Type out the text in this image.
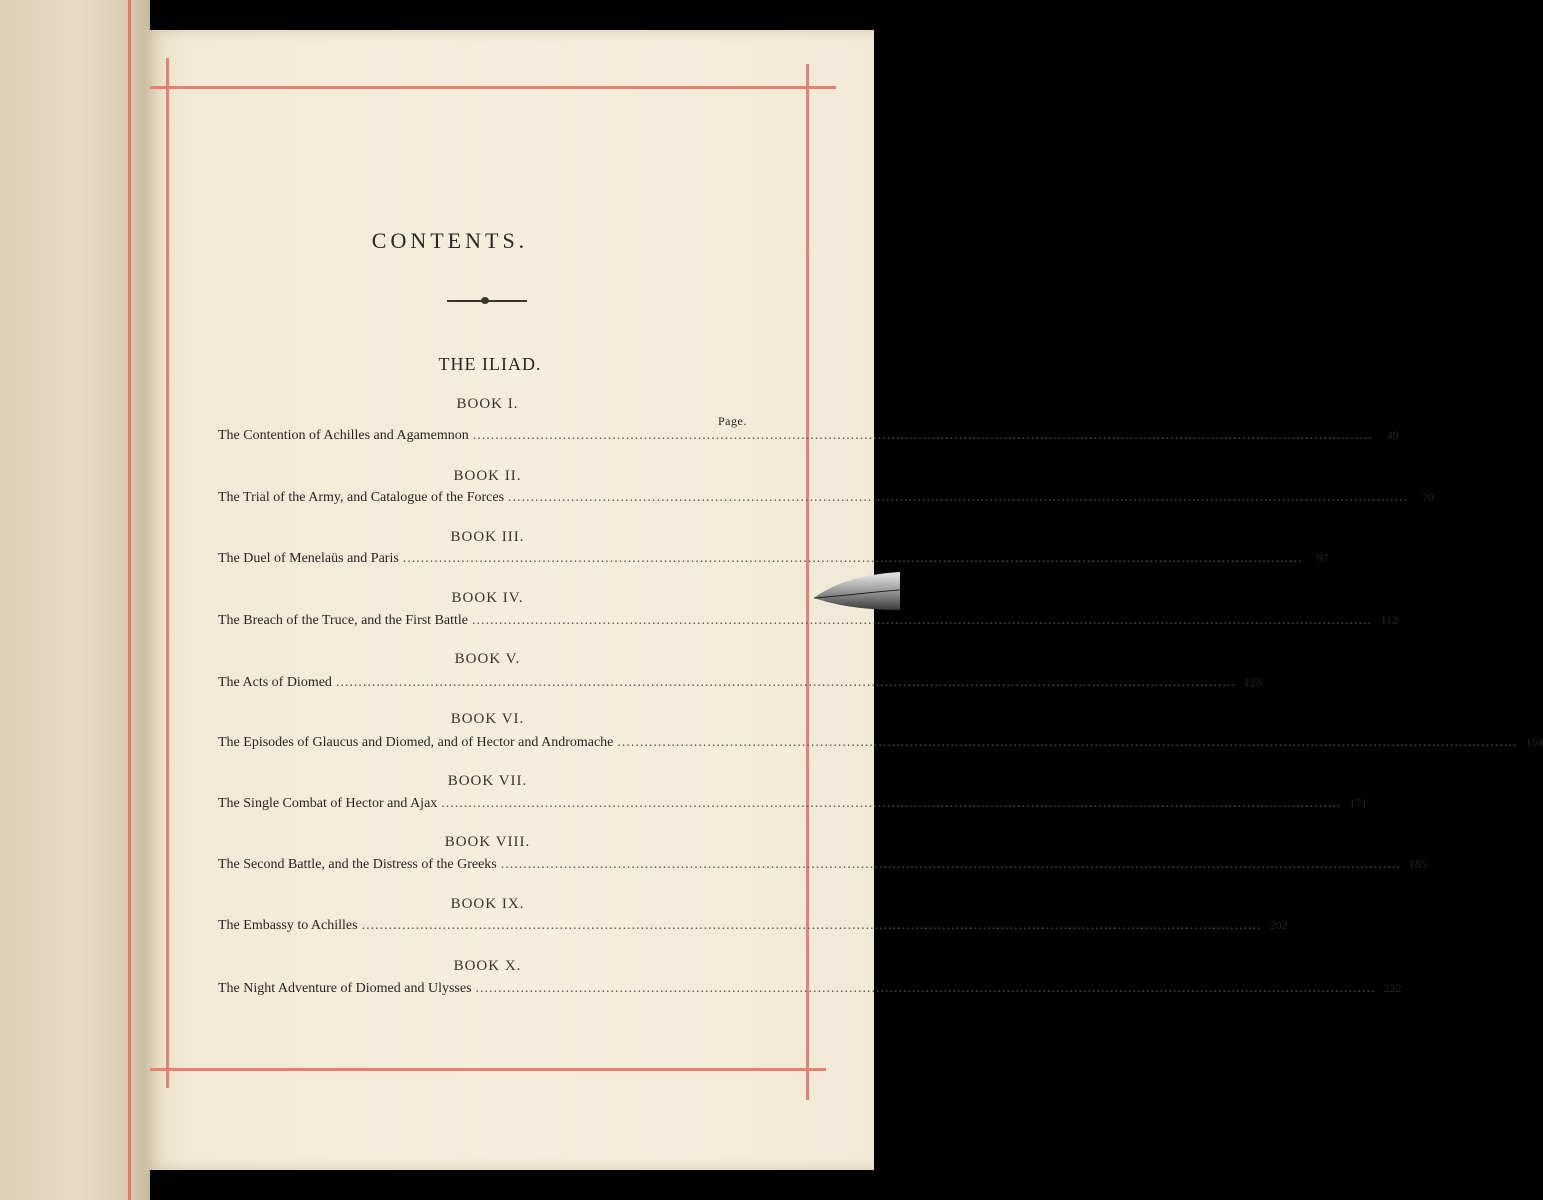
CONTENTS.
THE ILIAD.
Page.
BOOK I.
The Contention of Achilles and Agamemnon ........................................................................................................................................................................................................	49
BOOK II.
The Trial of the Army, and Catalogue of the Forces ........................................................................................................................................................................................................	70
BOOK III.
The Duel of Menelaüs and Paris ........................................................................................................................................................................................................	97
BOOK IV.
The Breach of the Truce, and the First Battle ........................................................................................................................................................................................................ 112
BOOK V.
The Acts of Diomed ........................................................................................................................................................................................................ 128
BOOK VI.
The Episodes of Glaucus and Diomed, and of Hector and Andromache ........................................................................................................................................................................................................ 154
BOOK VII.
The Single Combat of Hector and Ajax ........................................................................................................................................................................................................ 171
BOOK VIII.
The Second Battle, and the Distress of the Greeks ........................................................................................................................................................................................................ 185
BOOK IX.
The Embassy to Achilles ........................................................................................................................................................................................................ 202
BOOK X.
The Night Adventure of Diomed and Ulysses ........................................................................................................................................................................................................ 222
